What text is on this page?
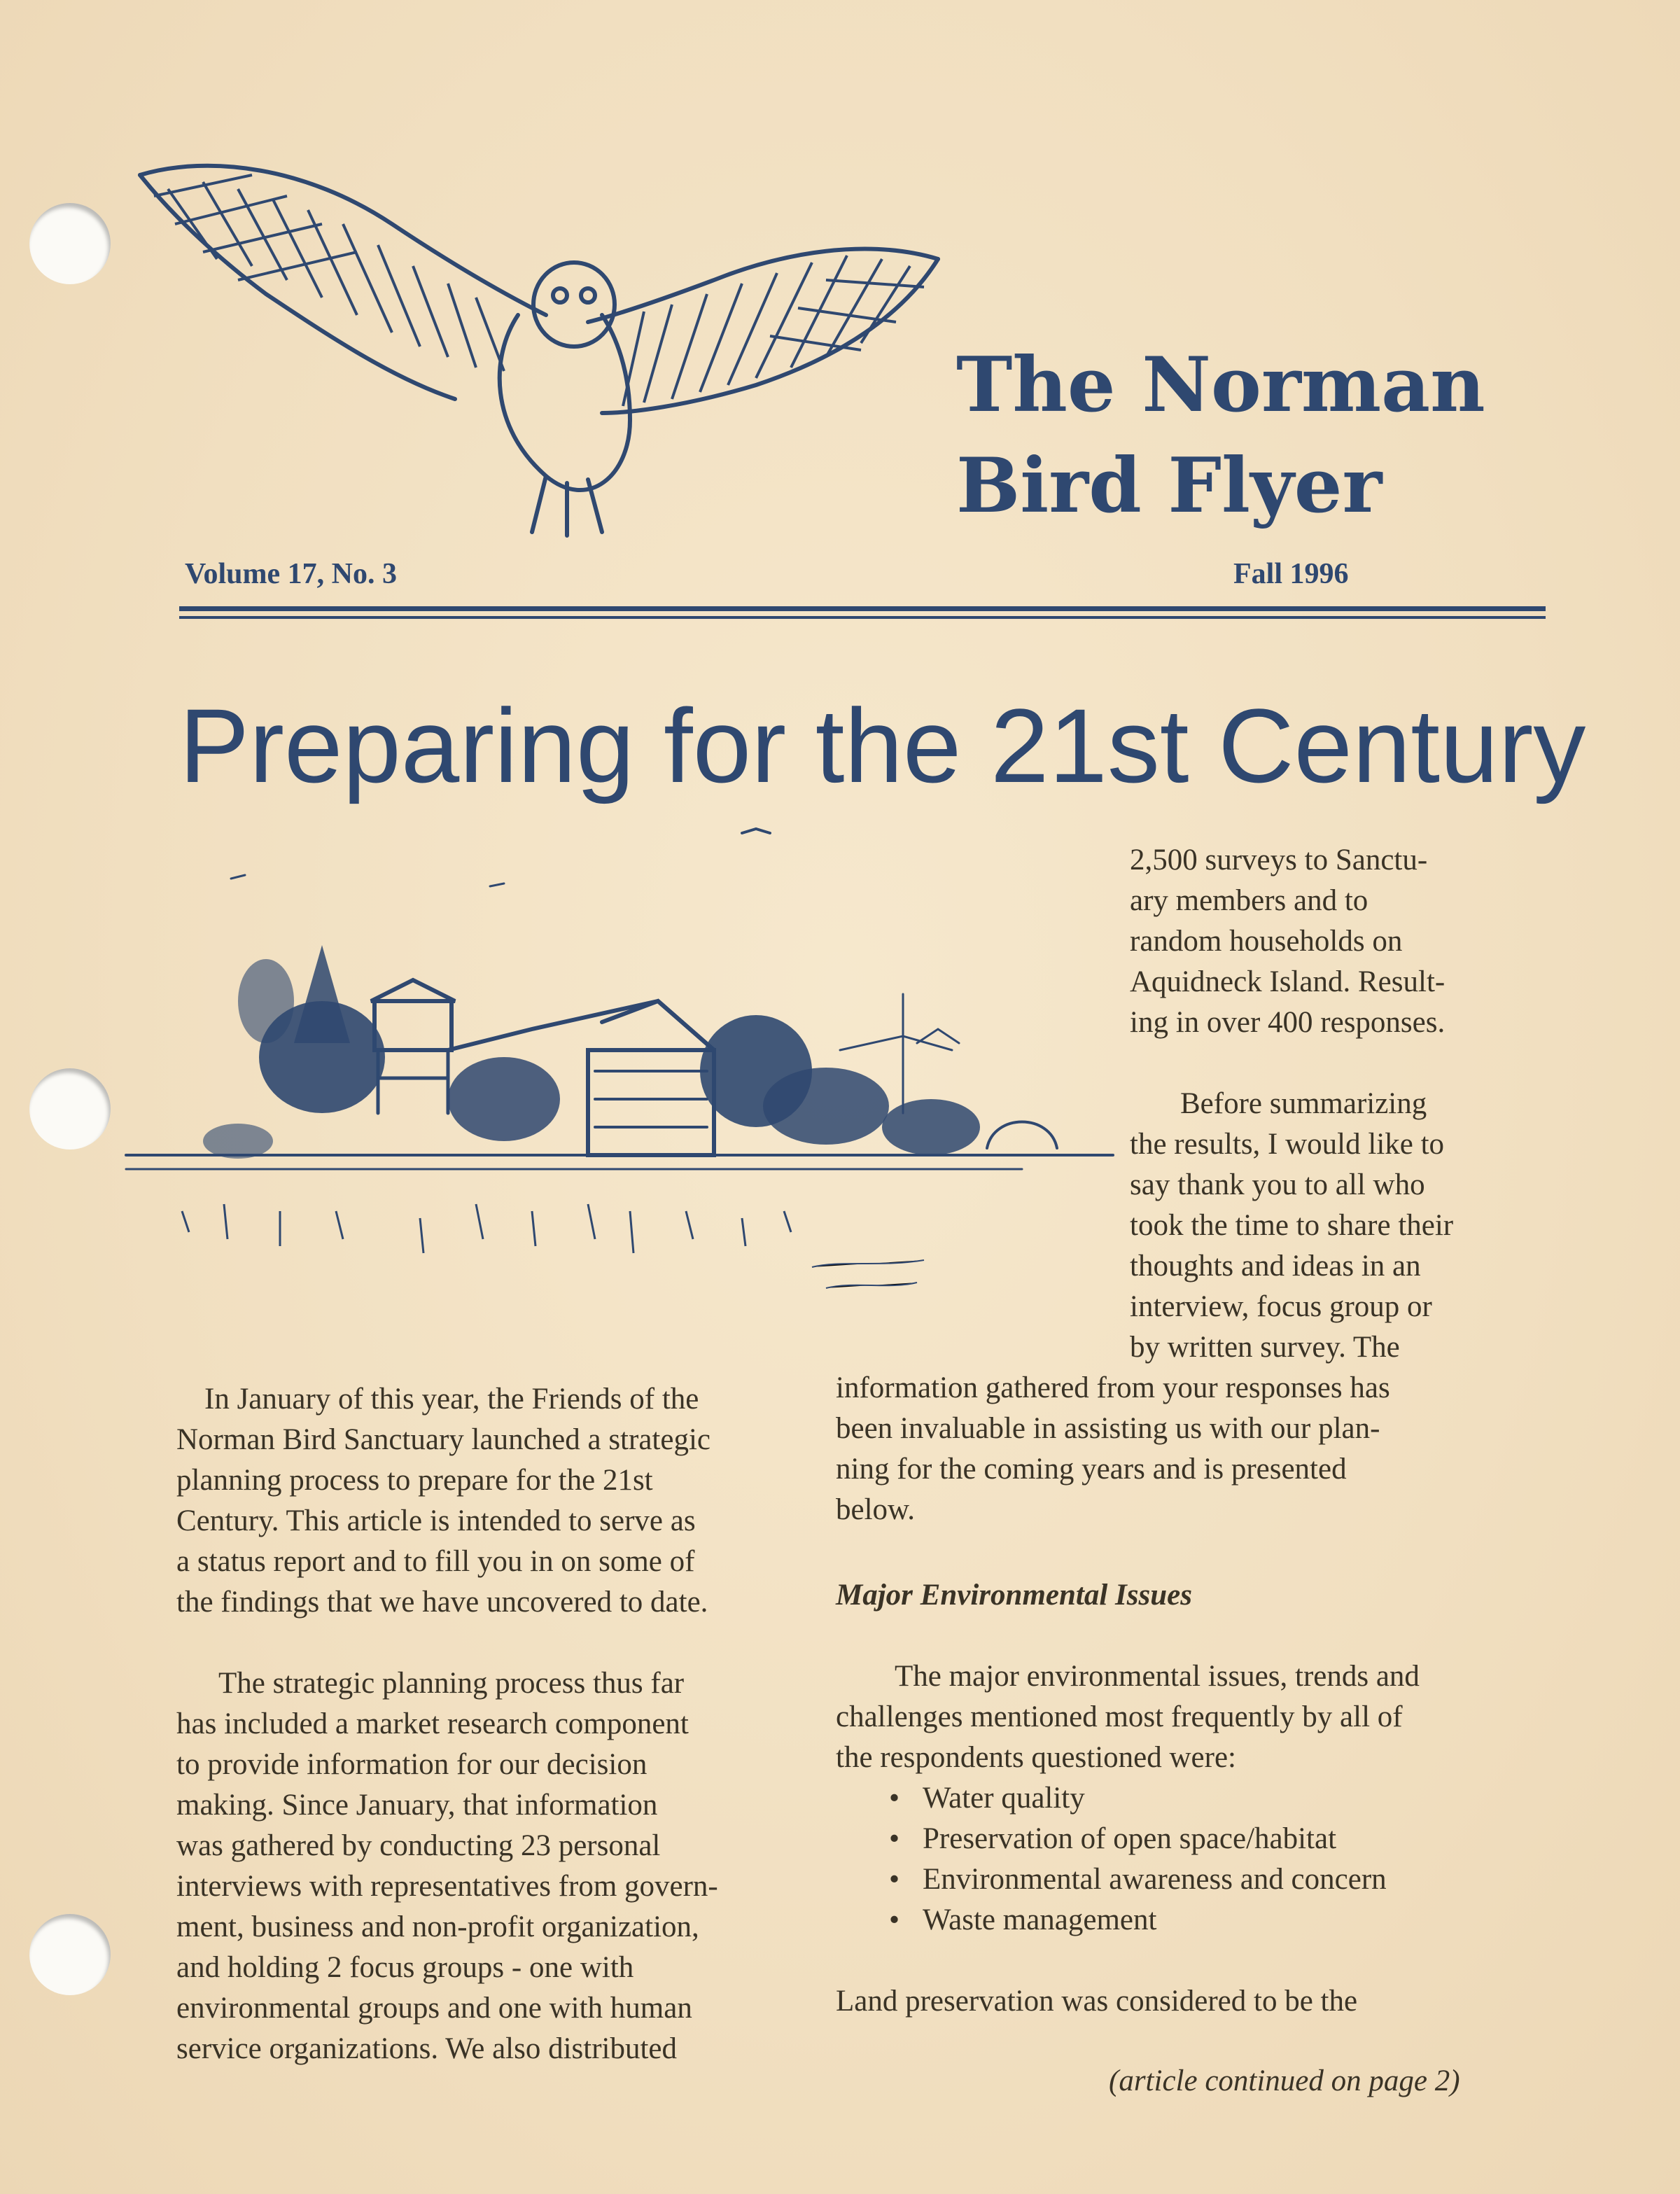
The Norman
Bird Flyer
Volume 17, No. 3	Fall 1996
Preparing for the 21st Century

2,500 surveys to Sanctu-

ary members and to

random households on

Aquidneck Island. Result-

ing in over 400 responses.

Before summarizing

the results, I would like to

say thank you to all who

took the time to share their

thoughts and ideas in an

interview, focus group or

by written survey. The

information gathered from your responses has

been invaluable in assisting us with our plan-

ning for the coming years and is presented

below.

In January of this year, the Friends of the

Norman Bird Sanctuary launched a strategic

planning process to prepare for the 21st

Century. This article is intended to serve as

a status report and to fill you in on some of

the findings that we have uncovered to date.

The strategic planning process thus far

has included a market research component

to provide information for our decision

making. Since January, that information

was gathered by conducting 23 personal

interviews with representatives from govern-

ment, business and non-profit organization,

and holding 2 focus groups - one with

environmental groups and one with human

service organizations. We also distributed

Major Environmental Issues

The major environmental issues, trends and

challenges mentioned most frequently by all of

the respondents questioned were:

• Water quality
• Preservation of open space/habitat
• Environmental awareness and concern
• Waste management
Land preservation was considered to be the
(article continued on page 2)
